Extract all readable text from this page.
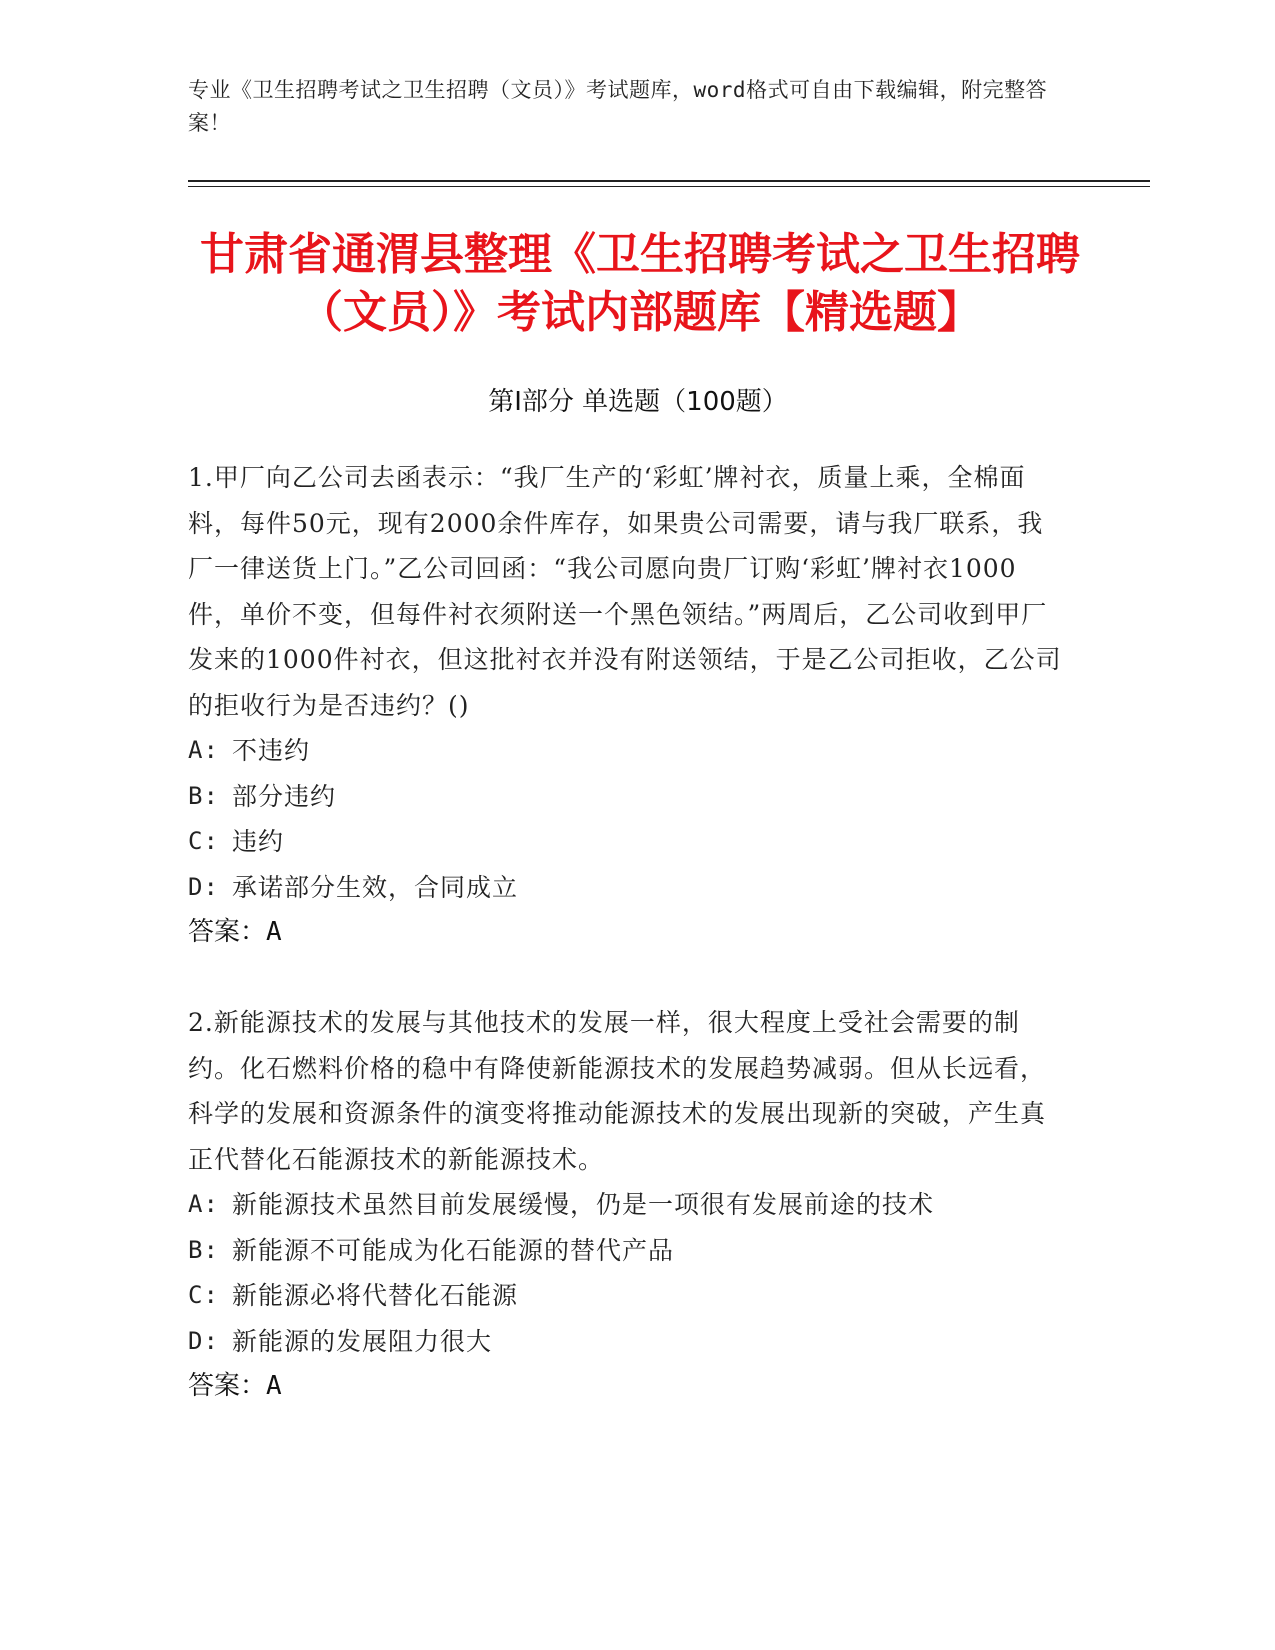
专业《卫生招聘考试之卫生招聘（文员）》考试题库，word格式可自由下载编辑，附完整答案！
甘肃省通渭县整理《卫生招聘考试之卫生招聘（文员）》考试内部题库【精选题】
第I部分 单选题（100题）
1.甲厂向乙公司去函表示：“我厂生产的‘彩虹’牌衬衣，质量上乘，全棉面料，每件50元，现有2000余件库存，如果贵公司需要，请与我厂联系，我厂一律送货上门。”乙公司回函：“我公司愿向贵厂订购‘彩虹’牌衬衣1000件，单价不变，但每件衬衣须附送一个黑色领结。”两周后，乙公司收到甲厂发来的1000件衬衣，但这批衬衣并没有附送领结，于是乙公司拒收，乙公司的拒收行为是否违约？()
A: 不违约
B: 部分违约
C: 违约
D: 承诺部分生效，合同成立
答案：A
2.新能源技术的发展与其他技术的发展一样，很大程度上受社会需要的制约。化石燃料价格的稳中有降使新能源技术的发展趋势减弱。但从长远看，科学的发展和资源条件的演变将推动能源技术的发展出现新的突破，产生真正代替化石能源技术的新能源技术。
A: 新能源技术虽然目前发展缓慢，仍是一项很有发展前途的技术
B: 新能源不可能成为化石能源的替代产品
C: 新能源必将代替化石能源
D: 新能源的发展阻力很大
答案：A
